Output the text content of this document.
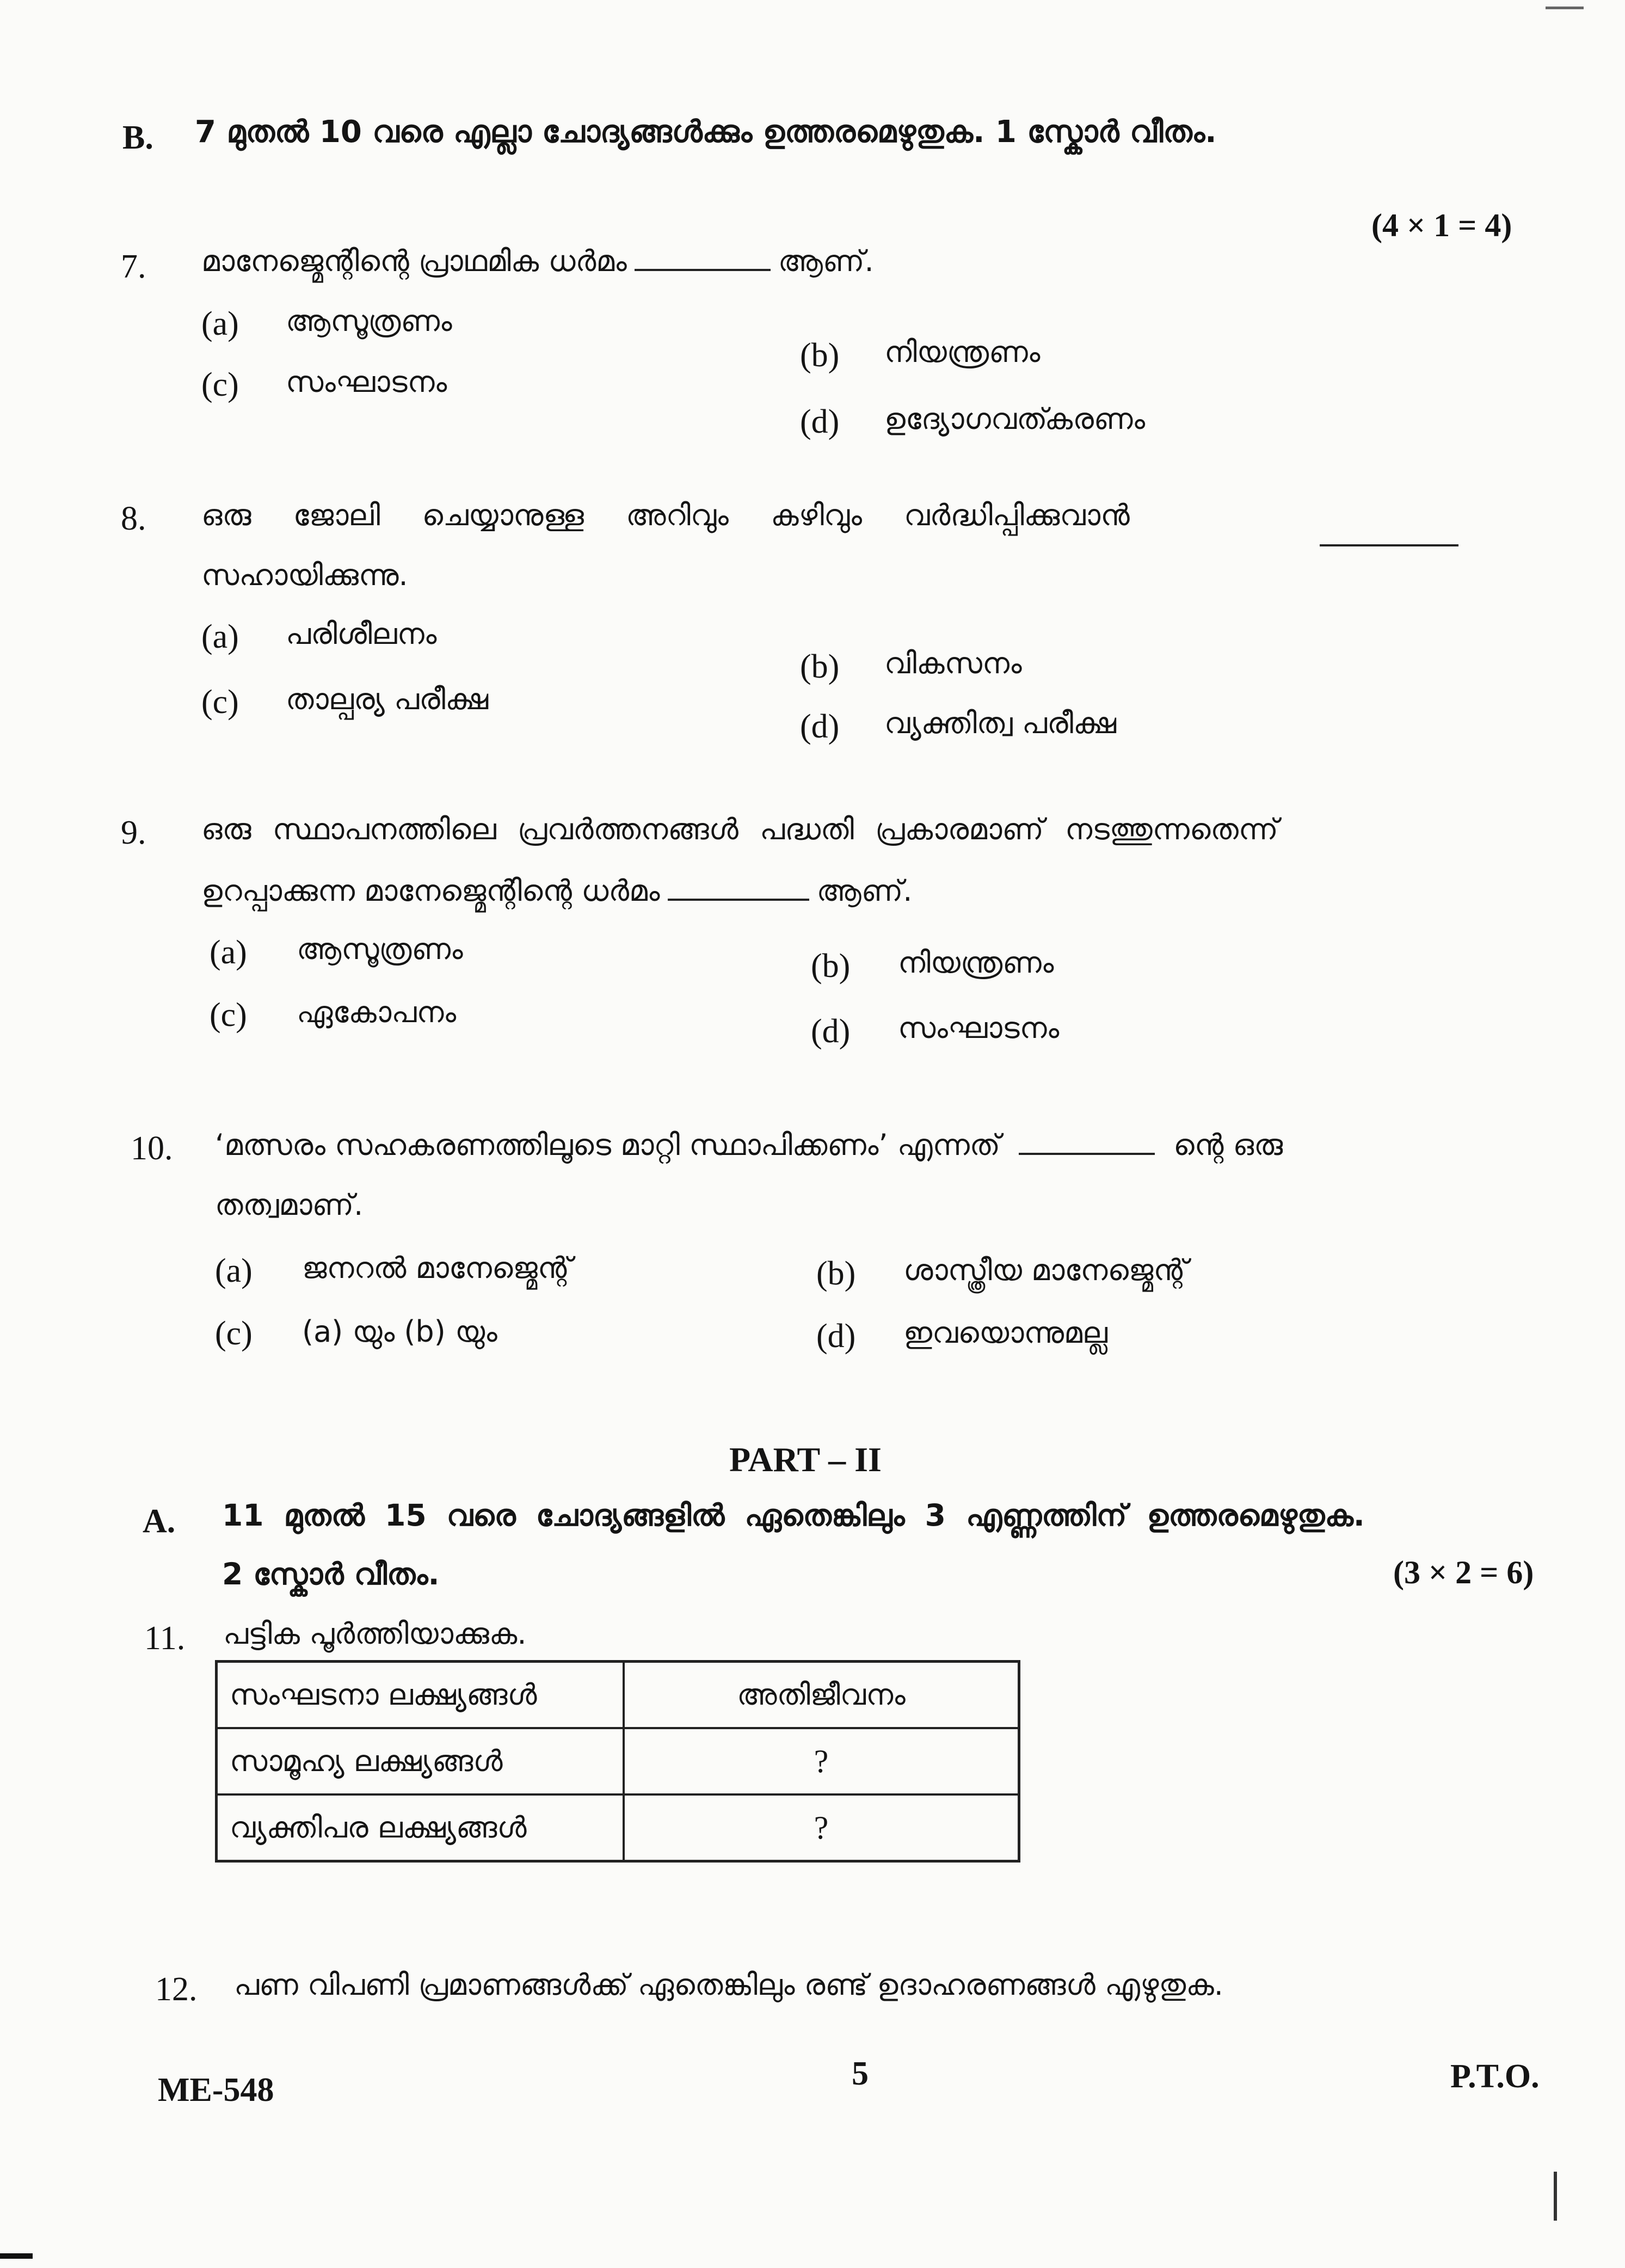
B. 7 മുതൽ 10 വരെ എല്ലാ ചോദ്യങ്ങൾക്കും ഉത്തരമെഴുതുക. 1 സ്കോർ വീതം.
(4 × 1 = 4)
7. മാനേജ്മെന്റിന്റെ പ്രാഥമിക ധർമം	ആണ്.
(a) ആസൂത്രണം
(b) നിയന്ത്രണം
(c) സംഘാടനം
(d) ഉദ്യോഗവത്കരണം
8. ഒരു ജോലി ചെയ്യാനുള്ള അറിവും കഴിവും വർദ്ധിപ്പിക്കുവാൻ
സഹായിക്കുന്നു.
(a) പരിശീലനം
(b) വികസനം
(c) താല്പര്യ പരീക്ഷ
(d) വ്യക്തിത്വ പരീക്ഷ
9. ഒരു സ്ഥാപനത്തിലെ പ്രവർത്തനങ്ങൾ പദ്ധതി പ്രകാരമാണ് നടത്തുന്നതെന്ന്
ഉറപ്പാക്കുന്ന മാനേജ്മെന്റിന്റെ ധർമം	ആണ്.
(a) ആസൂത്രണം	(b) നിയന്ത്രണം
(c) ഏകോപനം
(d) സംഘാടനം
10. ‘മത്സരം സഹകരണത്തിലൂടെ മാറ്റി സ്ഥാപിക്കണം’ എന്നത്	ന്റെ ഒരു
തത്വമാണ്.
(a) ജനറൽ മാനേജ്മെന്റ്	(b) ശാസ്ത്രീയ മാനേജ്മെന്റ്
(c) (a) യും (b) യും	(d) ഇവയൊന്നുമല്ല
PART – II
A. 11 മുതൽ 15 വരെ ചോദ്യങ്ങളിൽ ഏതെങ്കിലും 3 എണ്ണത്തിന് ഉത്തരമെഴുതുക.
2 സ്കോർ വീതം.	(3 × 2 = 6)
11. പട്ടിക പൂർത്തിയാക്കുക.
സംഘടനാ ലക്ഷ്യങ്ങൾ	അതിജീവനം
സാമൂഹ്യ ലക്ഷ്യങ്ങൾ	?
വ്യക്തിപര ലക്ഷ്യങ്ങൾ	?
12. പണ വിപണി പ്രമാണങ്ങൾക്ക് ഏതെങ്കിലും രണ്ട് ഉദാഹരണങ്ങൾ എഴുതുക.
ME-548	5	P.T.O.
